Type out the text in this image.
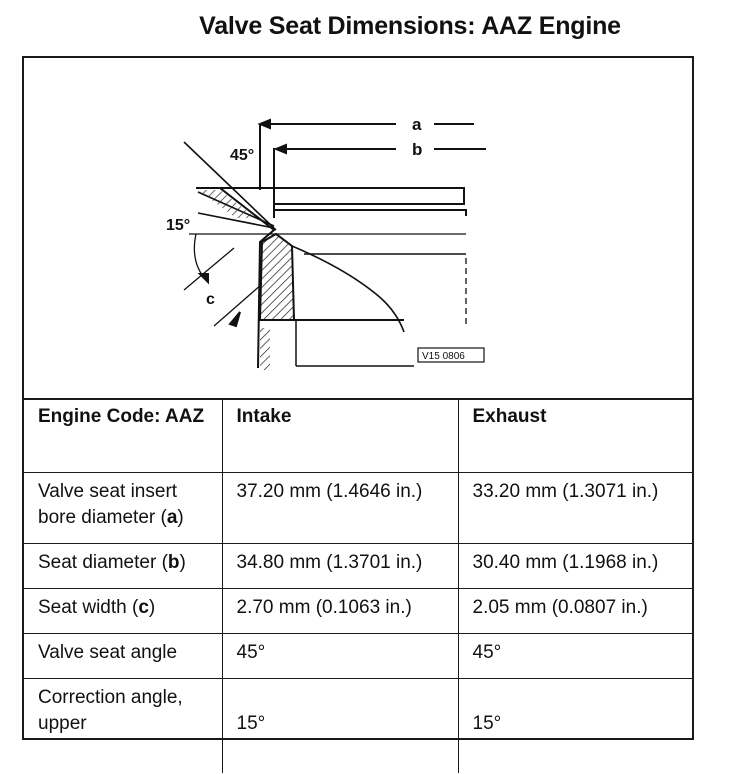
Valve Seat Dimensions: AAZ Engine
a
b
45°
15°
c
V15 0806
Engine Code: AAZ	Intake	Exhaust
Valve seat insert bore diameter (a)	37.20 mm (1.4646 in.)	33.20 mm (1.3071 in.)
Seat diameter (b)	34.80 mm (1.3701 in.)	30.40 mm (1.1968 in.)
Seat width (c)	2.70 mm (0.1063 in.)	2.05 mm (0.0807 in.)
Valve seat angle	45°	45°
Correction angle, upper	15°	15°
